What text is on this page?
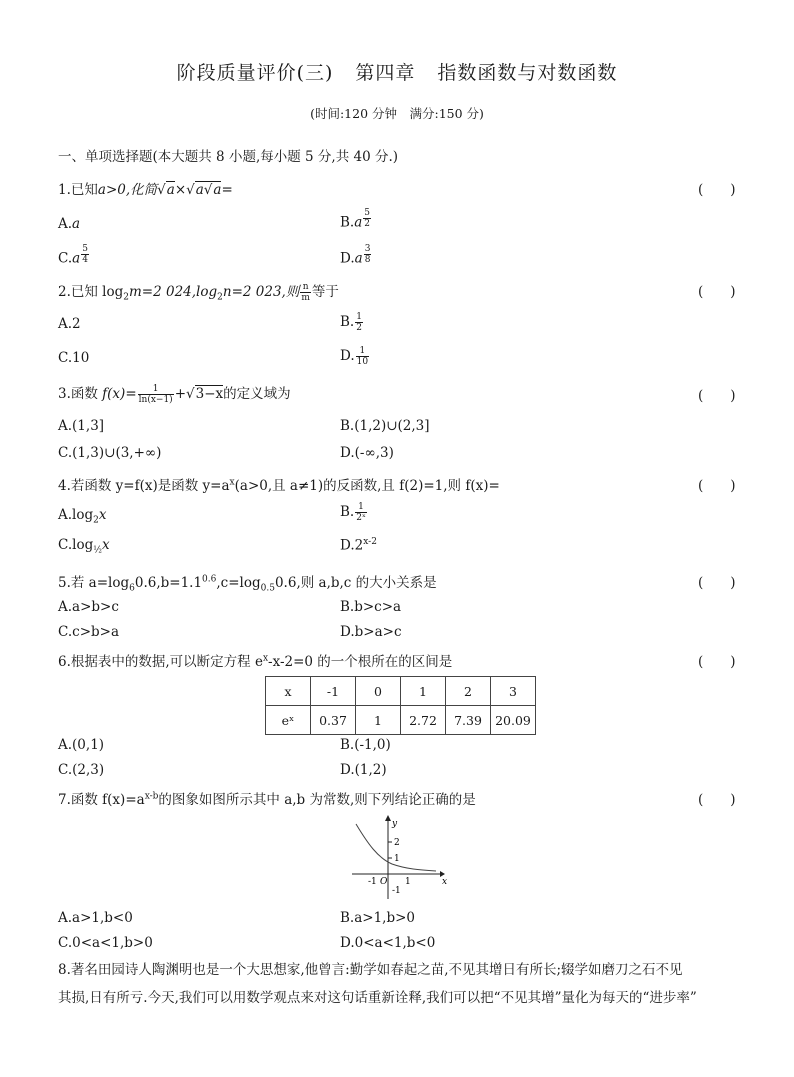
阶段质量评价(三) 第四章 指数函数与对数函数
(时间:120 分钟　满分:150 分)
一、单项选择题(本大题共 8 小题,每小题 5 分,共 40 分.)
1.已知a>0,化简√a×√a√a=	(　　)
A.a	B.a $^{\frac{5}{2}}$
C.a $^{\frac{5}{4}}$	D.a $^{\frac{3}{8}}$
2.已知 $\log_2m=2$ $024,\log_2n=2$ 023,则 $\frac{n}{m}$ 等于	(　　)
A.2	B. $\frac{1}{2}$
C.10	D. $\frac{1}{10}$
3.函数 $f(x)= \frac{1}{\ln(x-1)} +√3-x$的定义域为	(　　)
A.(1,3]	B.(1,2)∪(2,3]
C.(1,3)∪(3,+∞)	D.(-∞,3)
4.若函数 y=f(x)是函数 $y=a^x(a>0$,且 a≠1)的反函数,且 f(2)=1,则 f(x)=	(　　)
$A.\log_2x$	B. $\frac{1}{\text{2ˣ}}$
$C.\log_{\frac{1}{2}}x$	D.2$^{x-2}$
5.若 $a=\log_60.6,b=1.1^{0.6},c=\log_{0.5}0.6$,则 a,b,c 的大小关系是	(　　)
A.a>b>c	B.b>c>a
C.c>b>a	D.b>a>c
6.根据表中的数据,可以断定方程 $e^x-x-2=0$ 的一个根所在的区间是	(　　)
x	-1	0	1	2	3
eˣ	0.37	1	2.72	7.39	20.09
A.(0,1)	B.(-1,0)
C.(2,3)	D.(1,2)
7.函数 $f(x)=a^{x-b}$的图象如图所示其中 a,b 为常数,则下列结论正确的是	(　　)
y
x
2
1
-1
-1 O 1
A.a>1,b<0	B.a>1,b>0
C.0<a<1,b>0	D.0<a<1,b<0
8.著名田园诗人陶渊明也是一个大思想家,他曾言:勤学如春起之苗,不见其增日有所长;辍学如磨刀之石不见
其损,日有所亏.今天,我们可以用数学观点来对这句话重新诠释,我们可以把“不见其增”量化为每天的“进步率”
